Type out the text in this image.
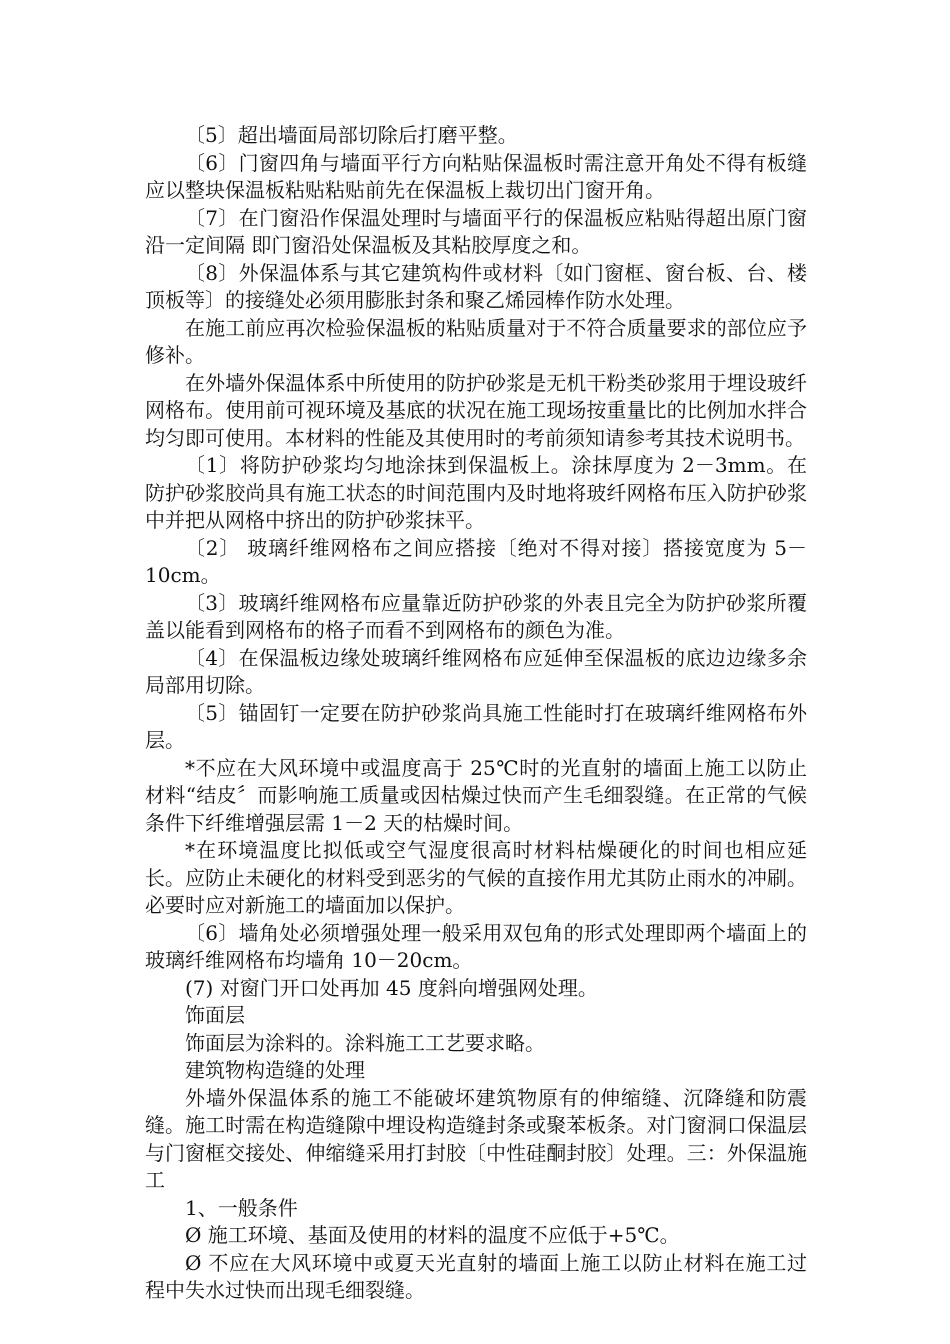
〔5〕超出墙面局部切除后打磨平整。

〔6〕门窗四角与墙面平行方向粘贴保温板时需注意开角处不得有板缝应以整块保温板粘贴粘贴前先在保温板上裁切出门窗开角。

〔7〕在门窗沿作保温处理时与墙面平行的保温板应粘贴得超出原门窗沿一定间隔 即门窗沿处保温板及其粘胶厚度之和。

〔8〕外保温体系与其它建筑构件或材料〔如门窗框、窗台板、台、楼顶板等〕的接缝处必须用膨胀封条和聚乙烯园棒作防水处理。

在施工前应再次检验保温板的粘贴质量对于不符合质量要求的部位应予修补。

在外墙外保温体系中所使用的防护砂浆是无机干粉类砂浆用于埋设玻纤网格布。使用前可视环境及基底的状况在施工现场按重量比的比例加水拌合均匀即可使用。本材料的性能及其使用时的考前须知请参考其技术说明书。

〔1〕将防护砂浆均匀地涂抹到保温板上。涂抹厚度为 2－3mm。在防护砂浆胶尚具有施工状态的时间范围内及时地将玻纤网格布压入防护砂浆中并把从网格中挤出的防护砂浆抹平。

〔2〕 玻璃纤维网格布之间应搭接〔绝对不得对接〕搭接宽度为 5－10cm。

〔3〕玻璃纤维网格布应量靠近防护砂浆的外表且完全为防护砂浆所覆盖以能看到网格布的格子而看不到网格布的颜色为准。

〔4〕在保温板边缘处玻璃纤维网格布应延伸至保温板的底边边缘多余局部用切除。

〔5〕锚固钉一定要在防护砂浆尚具施工性能时打在玻璃纤维网格布外层。

*不应在大风环境中或温度高于 25℃时的光直射的墙面上施工以防止材料“结皮〞而影响施工质量或因枯燥过快而产生毛细裂缝。在正常的气候条件下纤维增强层需 1－2 天的枯燥时间。

*在环境温度比拟低或空气湿度很高时材料枯燥硬化的时间也相应延长。应防止未硬化的材料受到恶劣的气候的直接作用尤其防止雨水的冲刷。必要时应对新施工的墙面加以保护。

〔6〕墙角处必须增强处理一般采用双包角的形式处理即两个墙面上的玻璃纤维网格布均墙角 10－20cm。

(7) 对窗门开口处再加 45 度斜向增强网处理。

饰面层

饰面层为涂料的。涂料施工工艺要求略。

建筑物构造缝的处理

外墙外保温体系的施工不能破坏建筑物原有的伸缩缝、沉降缝和防震缝。施工时需在构造缝隙中埋设构造缝封条或聚苯板条。对门窗洞口保温层与门窗框交接处、伸缩缝采用打封胶〔中性硅酮封胶〕处理。三：外保温施工

1、一般条件

Ø 施工环境、基面及使用的材料的温度不应低于+5℃。

Ø 不应在大风环境中或夏天光直射的墙面上施工以防止材料在施工过程中失水过快而出现毛细裂缝。
